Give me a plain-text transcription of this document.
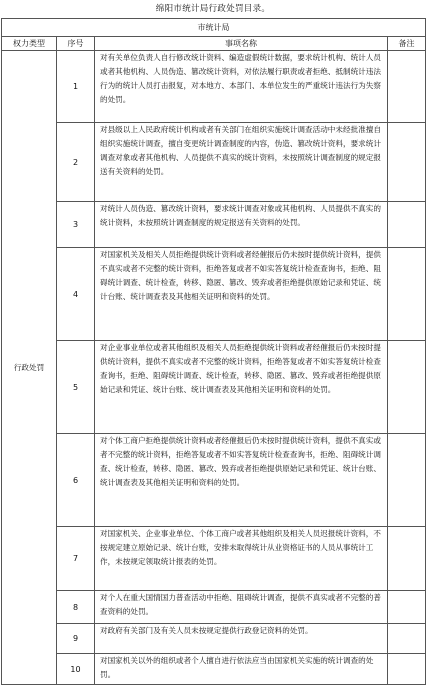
绵阳市统计局行政处罚目录。
市统计局			
权力类型	序号	事项名称	备注
行政处罚	1	对有关单位负责人自行修改统计资料、编造虚假统计数据，要求统计机构、统计人员或者其他机构、人员伪造、篡改统计资料，对依法履行职责或者拒绝、抵制统计违法行为的统计人员打击报复，对本地方、本部门、本单位发生的严重统计违法行为失察的处罚。	
	2	对县级以上人民政府统计机构或者有关部门在组织实施统计调查活动中未经批准擅自组织实施统计调查，擅自变更统计调查制度的内容，伪造、篡改统计资料，要求统计调查对象或者其他机构、人员提供不真实的统计资料，未按照统计调查制度的规定报送有关资料的处罚。	
	3	对统计人员伪造、篡改统计资料，要求统计调查对象或其他机构、人员提供不真实的统计资料，未按照统计调查制度的规定报送有关资料的处罚。	
	4	对国家机关及相关人员拒绝提供统计资料或者经催报后仍未按时提供统计资料，提供不真实或者不完整的统计资料，拒绝答复或者不如实答复统计检查查询书，拒绝、阻碍统计调查、统计检查，转移、隐匿、篡改、毁弃或者拒绝提供原始记录和凭证、统计台账、统计调查表及其他相关证明和资料的处罚。	
	5	对企业事业单位或者其他组织及相关人员拒绝提供统计资料或者经催报后仍未按时提供统计资料，提供不真实或者不完整的统计资料，拒绝答复或者不如实答复统计检查查询书，拒绝、阻碍统计调查、统计检查，转移、隐匿、篡改、毁弃或者拒绝提供原始记录和凭证、统计台账、统计调查表及其他相关证明和资料的处罚。	
	6	对个体工商户拒绝提供统计资料或者经催报后仍未按时提供统计资料，提供不真实或者不完整的统计资料，拒绝答复或者不如实答复统计检查查询书，拒绝、阻碍统计调查、统计检查，转移、隐匿、篡改、毁弃或者拒绝提供原始记录和凭证、统计台账、统计调查表及其他相关证明和资料的处罚。	
	7	对国家机关、企业事业单位、个体工商户或者其他组织及相关人员迟报统计资料，不按规定建立原始记录、统计台账，安排未取得统计从业资格证书的人员从事统计工作，未按规定领取统计报表的处罚。	
	8	对个人在重大国情国力普查活动中拒绝、阻碍统计调查，提供不真实或者不完整的普查资料的处罚。	
	9	对政府有关部门及有关人员未按规定提供行政登记资料的处罚。	
	10	对国家机关以外的组织或者个人擅自进行依法应当由国家机关实施的统计调查的处罚。	
